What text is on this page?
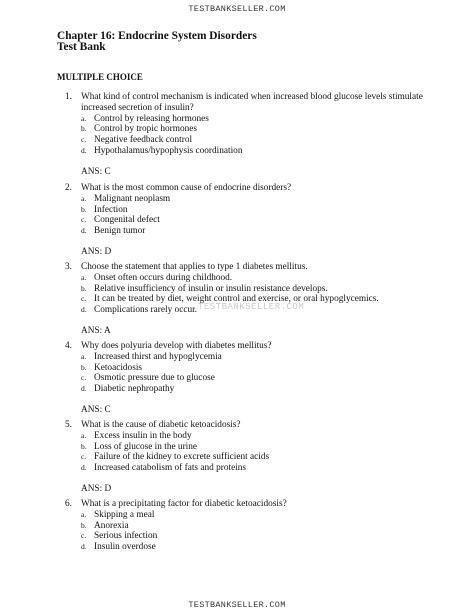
TESTBANKSELLER.COM
Chapter 16: Endocrine System Disorders
Test Bank
MULTIPLE CHOICE
TESTBANKSELLER.COM
1. What kind of control mechanism is indicated when increased blood glucose levels stimulate increased secretion of insulin?
a. Control by releasing hormones
b. Control by tropic hormones
c. Negative feedback control
d. Hypothalamus/hypophysis coordination
ANS: C
2. What is the most common cause of endocrine disorders?
a. Malignant neoplasm
b. Infection
c. Congenital defect
d. Benign tumor
ANS: D
3. Choose the statement that applies to type 1 diabetes mellitus.
a. Onset often occurs during childhood.
b. Relative insufficiency of insulin or insulin resistance develops.
c. It can be treated by diet, weight control and exercise, or oral hypoglycemics.
d. Complications rarely occur.
ANS: A
4. Why does polyuria develop with diabetes mellitus?
a. Increased thirst and hypoglycemia
b. Ketoacidosis
c. Osmotic pressure due to glucose
d. Diabetic nephropathy
ANS: C
5. What is the cause of diabetic ketoacidosis?
a. Excess insulin in the body
b. Loss of glucose in the urine
c. Failure of the kidney to excrete sufficient acids
d. Increased catabolism of fats and proteins
ANS: D
6. What is a precipitating factor for diabetic ketoacidosis?
a. Skipping a meal
b. Anorexia
c. Serious infection
d. Insulin overdose
TESTBANKSELLER.COM
